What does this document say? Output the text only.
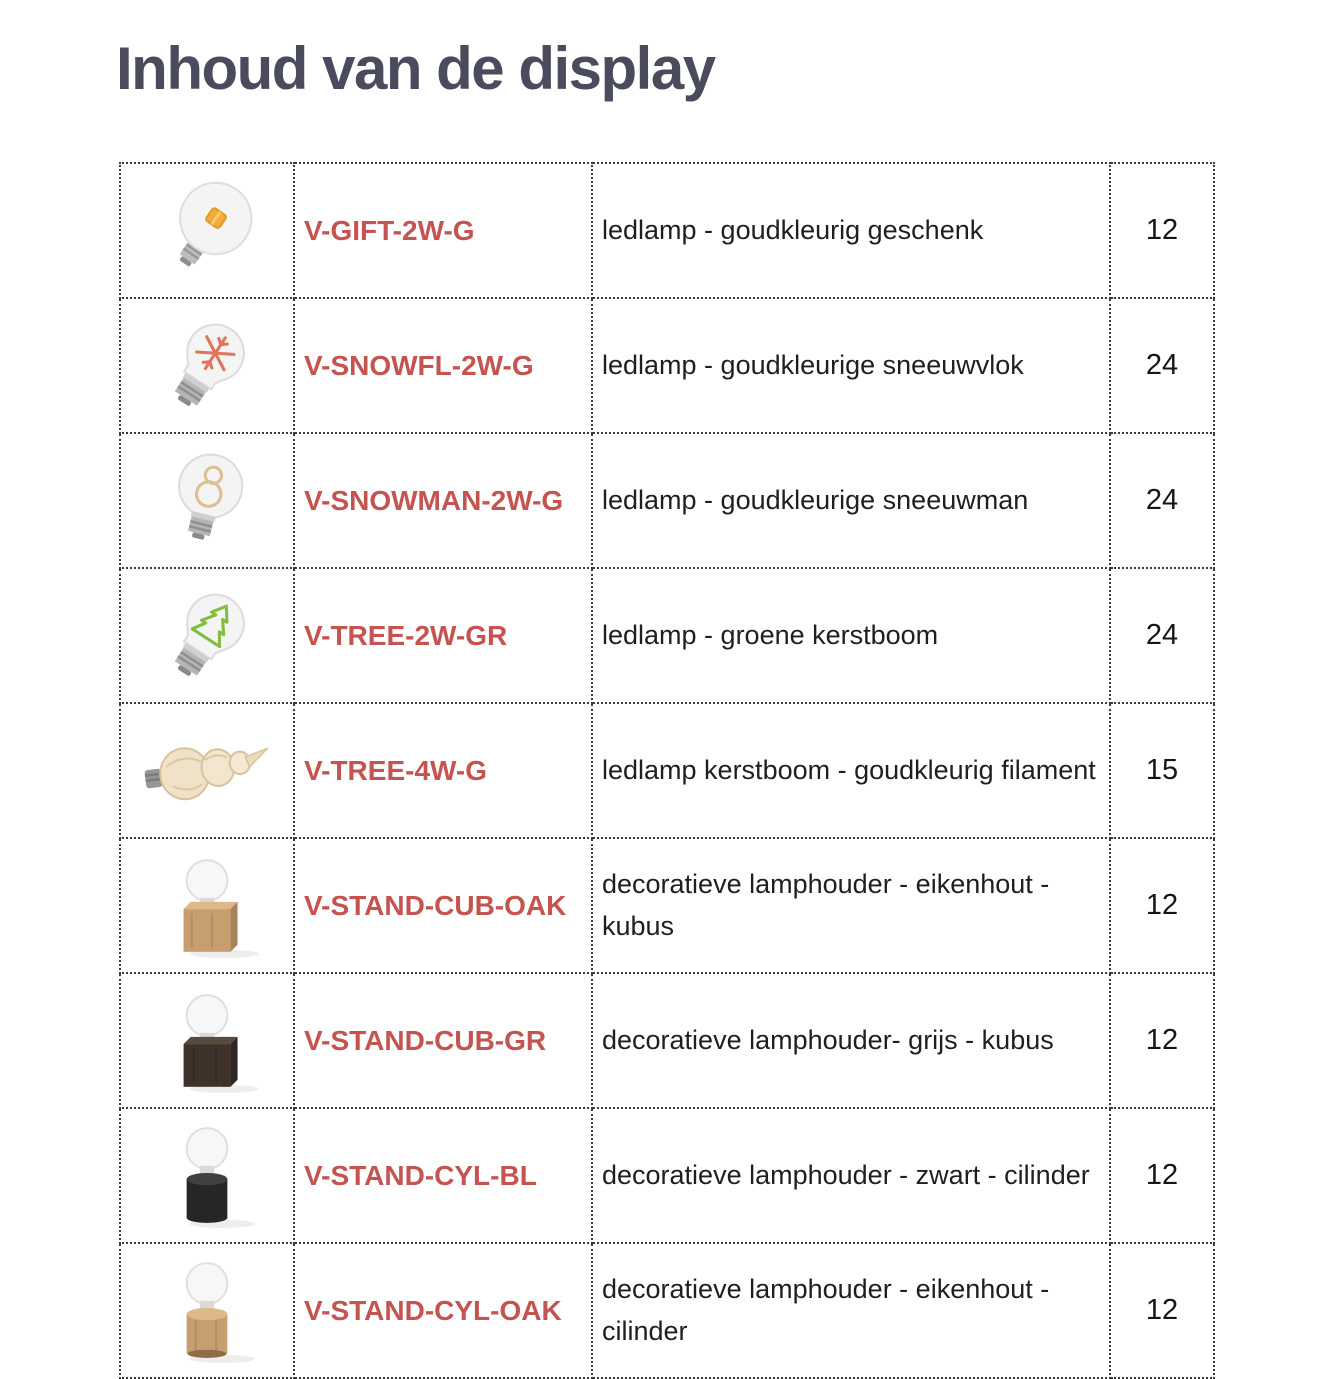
Inhoud van de display
	V-GIFT-2W-G	ledlamp - goudkleurig geschenk	12

	V-SNOWFL-2W-G	ledlamp - goudkleurige sneeuwvlok	24

	V-SNOWMAN-2W-G	ledlamp - goudkleurige sneeuwman	24

	V-TREE-2W-GR	ledlamp - groene kerstboom	24

	V-TREE-4W-G	ledlamp kerstboom - goudkleurig filament	15

	V-STAND-CUB-OAK	decoratieve lamphouder - eikenhout - kubus	12

	V-STAND-CUB-GR	decoratieve lamphouder- grijs - kubus	12

	V-STAND-CYL-BL	decoratieve lamphouder - zwart - cilinder	12

	V-STAND-CYL-OAK	decoratieve lamphouder - eikenhout - cilinder	12
